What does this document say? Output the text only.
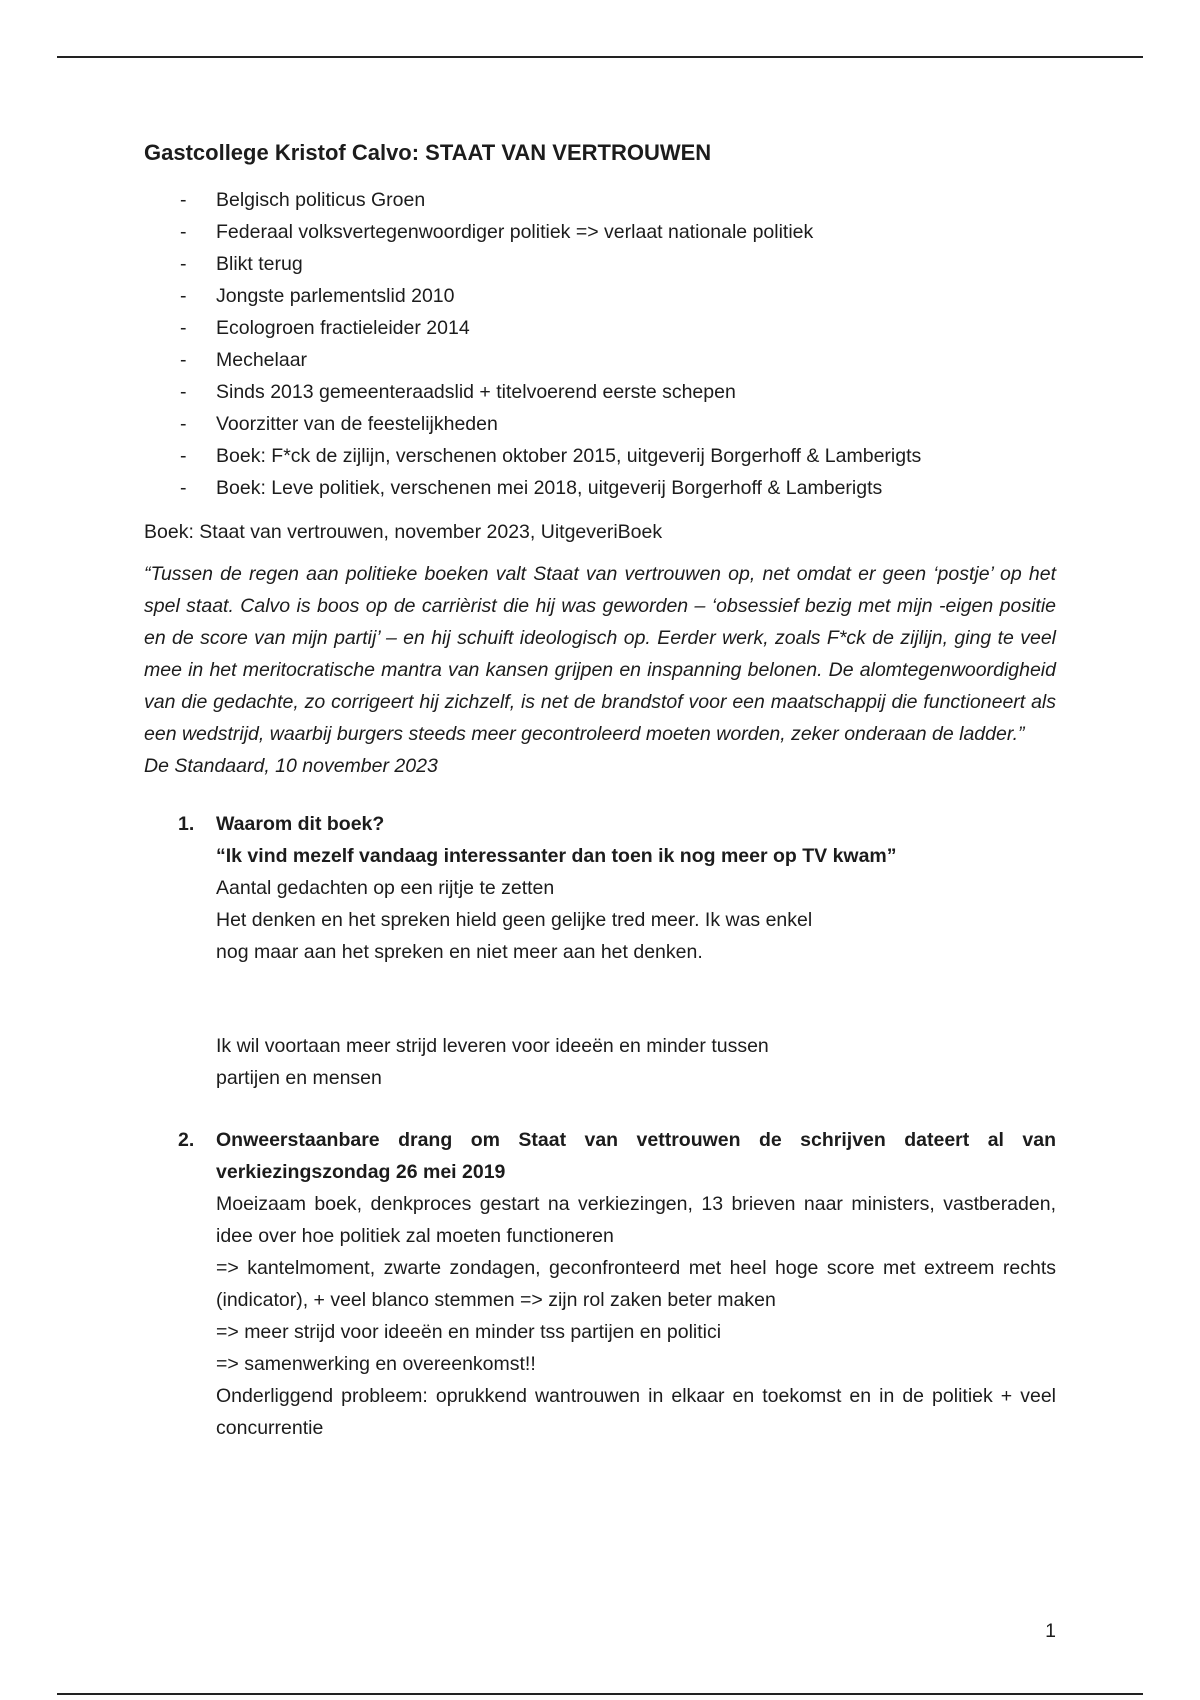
Gastcollege Kristof Calvo: STAAT VAN VERTROUWEN
- Belgisch politicus Groen
- Federaal volksvertegenwoordiger politiek => verlaat nationale politiek
- Blikt terug
- Jongste parlementslid 2010
- Ecologroen fractieleider 2014
- Mechelaar
- Sinds 2013 gemeenteraadslid + titelvoerend eerste schepen
- Voorzitter van de feestelijkheden
- Boek: F*ck de zijlijn, verschenen oktober 2015, uitgeverij Borgerhoff & Lamberigts
- Boek: Leve politiek, verschenen mei 2018, uitgeverij Borgerhoff & Lamberigts

Boek: Staat van vertrouwen, november 2023, UitgeveriBoek

“Tussen de regen aan politieke boeken valt Staat van vertrouwen op, net omdat er geen ‘postje’ op het spel staat. Calvo is boos op de carrièrist die hij was geworden – ‘obsessief bezig met mijn -eigen positie en de score van mijn partij’ – en hij schuift ideologisch op. Eerder werk, zoals F*ck de zijlijn, ging te veel mee in het meritocratische mantra van kansen grijpen en inspanning belonen. De alomtegenwoordigheid van die gedachte, zo corrigeert hij zichzelf, is net de brandstof voor een maatschappij die functioneert als een wedstrijd, waarbij burgers steeds meer gecontroleerd moeten worden, zeker onderaan de ladder.”

De Standaard, 10 november 2023

1. Waarom dit boek?
“Ik vind mezelf vandaag interessanter dan toen ik nog meer op TV kwam”
Aantal gedachten op een rijtje te zetten
Het denken en het spreken hield geen gelijke tred meer. Ik was enkel
nog maar aan het spreken en niet meer aan het denken.
Ik wil voortaan meer strijd leveren voor ideeën en minder tussen
partijen en mensen
2. Onweerstaanbare drang om Staat van vettrouwen de schrijven dateert al van verkiezingszondag 26 mei 2019
Moeizaam boek, denkproces gestart na verkiezingen, 13 brieven naar ministers, vastberaden, idee over hoe politiek zal moeten functioneren
=> kantelmoment, zwarte zondagen, geconfronteerd met heel hoge score met extreem rechts (indicator), + veel blanco stemmen => zijn rol zaken beter maken
=> meer strijd voor ideeën en minder tss partijen en politici
=> samenwerking en overeenkomst!!
Onderliggend probleem: oprukkend wantrouwen in elkaar en toekomst en in de politiek + veel concurrentie
1
